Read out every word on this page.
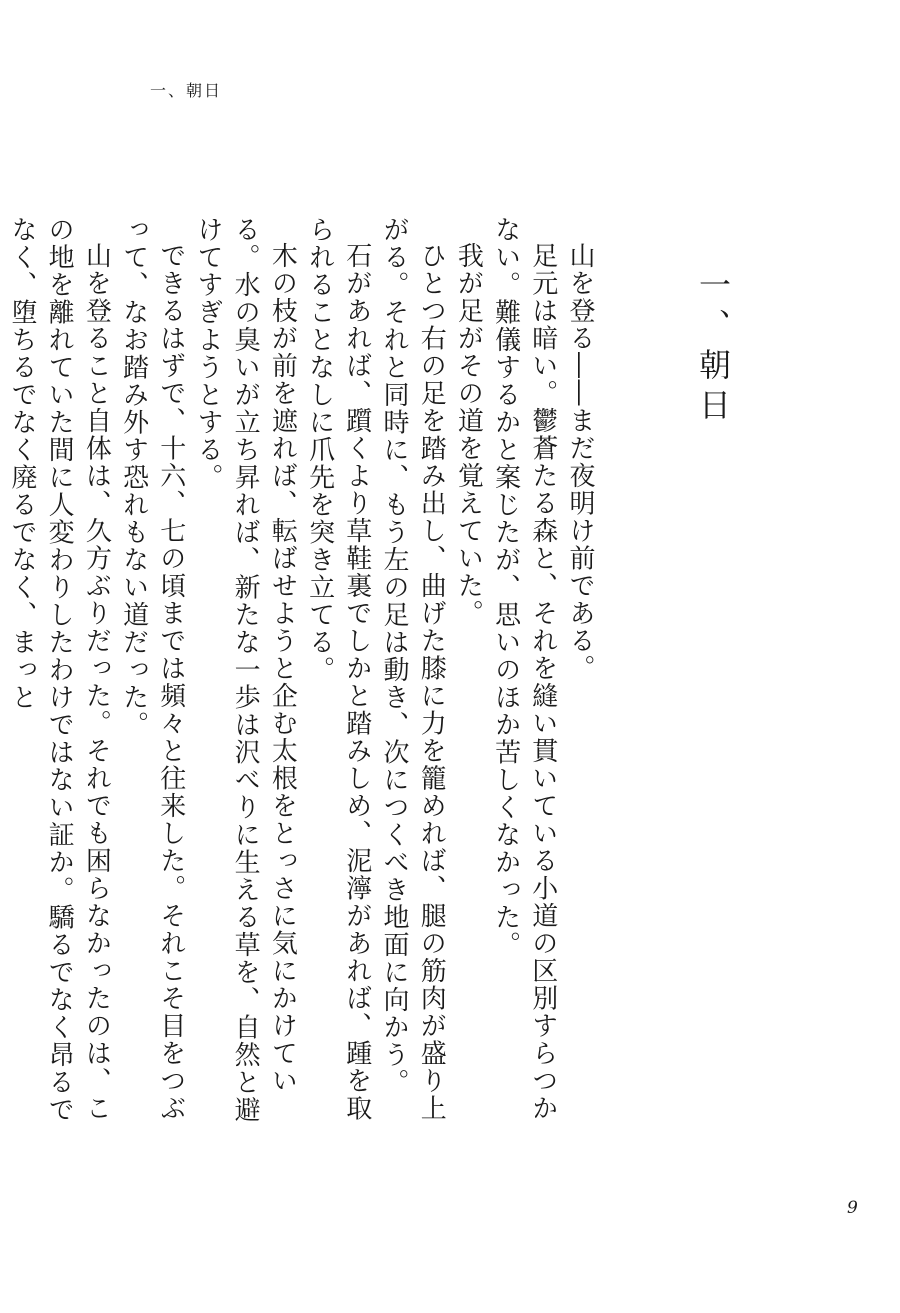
一、朝日
一、朝日

山を登る――まだ夜明け前である。

足元は暗い。鬱蒼たる森と、それを縫い貫いている小道の区別すらつかない。難儀するかと案じたが、思いのほか苦しくなかった。

我が足がその道を覚えていた。

ひとつ右の足を踏み出し、曲げた膝に力を籠めれば、腿の筋肉が盛り上がる。それと同時に、もう左の足は動き、次につくべき地面に向かう。

石があれば、躓くより草鞋裏でしかと踏みしめ、泥濘があれば、踵を取られることなしに爪先を突き立てる。

木の枝が前を遮れば、転ばせようと企む太根をとっさに気にかけている。水の臭いが立ち昇れば、新たな一歩は沢べりに生える草を、自然と避けてすぎようとする。

できるはずで、十六、七の頃までは頻々と往来した。それこそ目をつぶって、なお踏み外す恐れもない道だった。

山を登ること自体は、久方ぶりだった。それでも困らなかったのは、この地を離れていた間に人変わりしたわけではない証か。驕るでなく昂るでなく、堕ちるでなく廃るでなく、まっと

9
